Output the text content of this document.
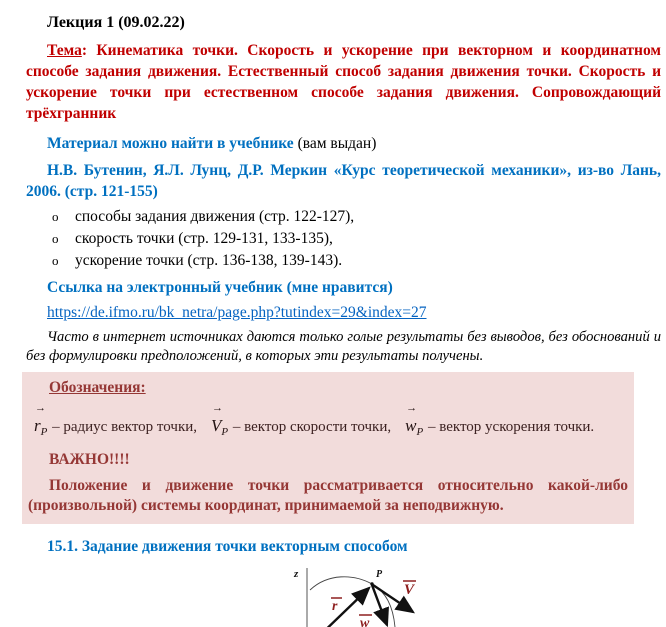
Лекция 1 (09.02.22)

Тема: Кинематика точки. Скорость и ускорение при векторном и координатном способе задания движения. Естественный способ задания движения точки. Скорость и ускорение точки при естественном способе задания движения. Сопровождающий трёхгранник

Материал можно найти в учебнике (вам выдан)

Н.В. Бутенин, Я.Л. Лунц, Д.Р. Меркин «Курс теоретической механики», из-во Лань, 2006. (стр. 121-155)

o	способы задания движения (стр. 122-127),
o	скорость точки (стр. 129-131, 133-135),
o	ускорение точки (стр. 136-138, 139-143).

Ссылка на электронный учебник (мне нравится)

https://de.ifmo.ru/bk_netra/page.php?tutindex=29&index=27

Часто в интернет источниках даются только голые результаты без выводов, без обоснований и без формулировки предположений, в которых эти результаты получены.

Обозначения:

→
$r_P$ – радиус вектор точки,
→
$V_P$ – вектор скорости точки,
→
$w_P$ – вектор ускорения точки.

ВАЖНО!!!!

Положение и движение точки рассматривается относительно какой-либо (произвольной) системы координат, принимаемой за неподвижную.

15.1. Задание движения точки векторным способом

z	P
r
w
V
